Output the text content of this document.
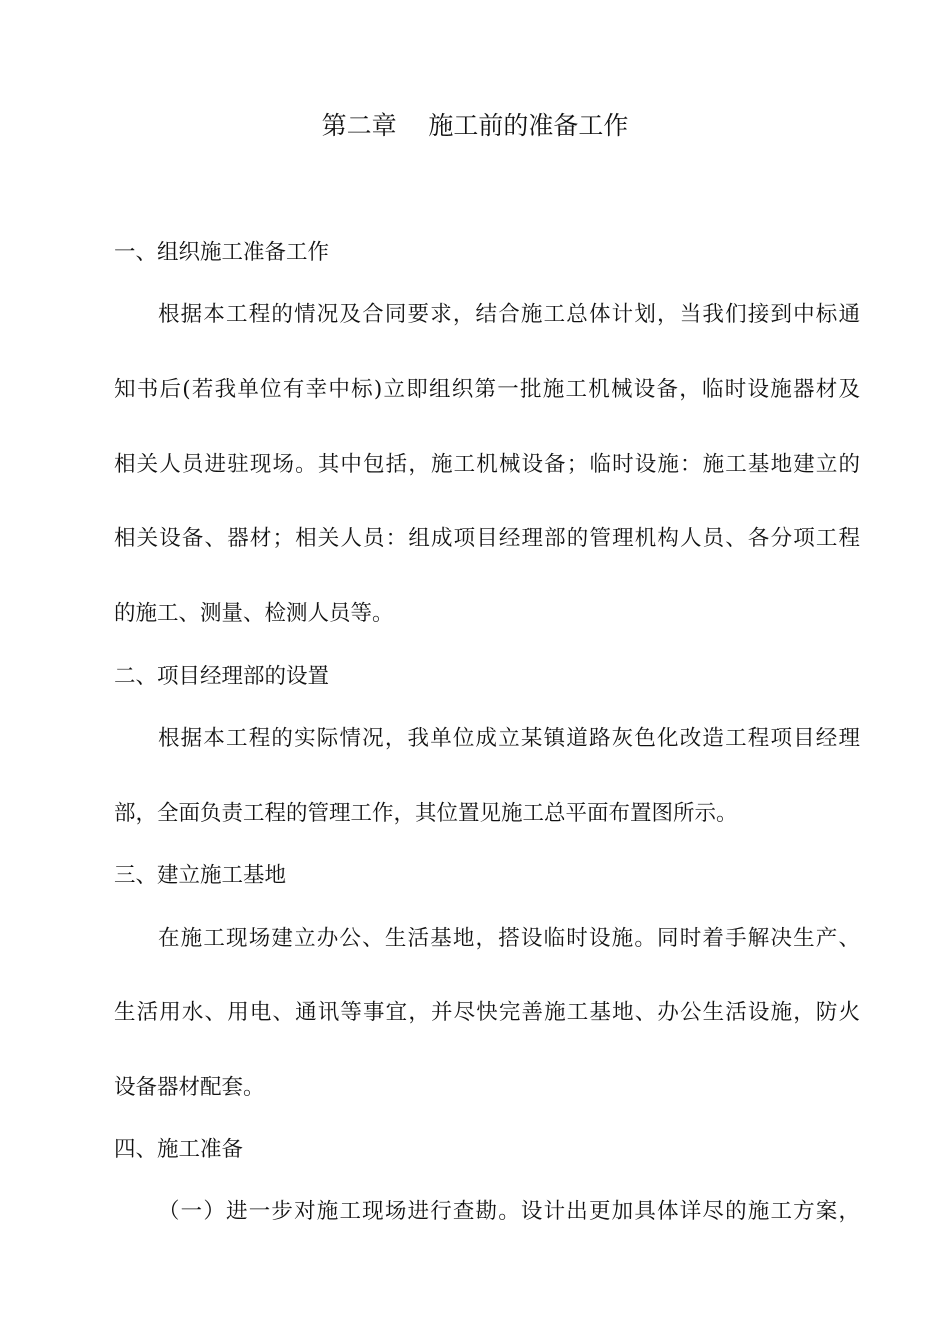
第二章    施工前的准备工作
一、组织施工准备工作
根据本工程的情况及合同要求，结合施工总体计划，当我们接到中标通
知书后(若我单位有幸中标)立即组织第一批施工机械设备，临时设施器材及
相关人员进驻现场。其中包括，施工机械设备；临时设施：施工基地建立的
相关设备、器材；相关人员：组成项目经理部的管理机构人员、各分项工程
的施工、测量、检测人员等。
二、项目经理部的设置
根据本工程的实际情况，我单位成立某镇道路灰色化改造工程项目经理
部，全面负责工程的管理工作，其位置见施工总平面布置图所示。
三、建立施工基地
在施工现场建立办公、生活基地，搭设临时设施。同时着手解决生产、
生活用水、用电、通讯等事宜，并尽快完善施工基地、办公生活设施，防火
设备器材配套。
四、施工准备
（一）进一步对施工现场进行查勘。设计出更加具体详尽的施工方案，
